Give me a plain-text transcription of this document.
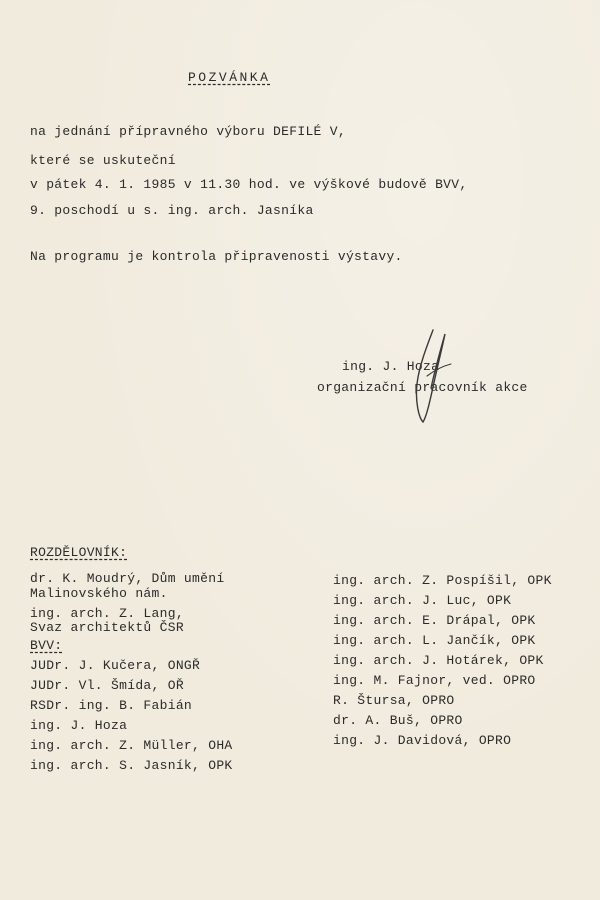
POZVÁNKA
na jednání přípravného výboru DEFILÉ V,
které se uskuteční
v pátek 4. 1. 1985 v 11.30 hod. ve výškové budově BVV,
9. poschodí u s. ing. arch. Jasníka
Na programu je kontrola připravenosti výstavy.
ing. J. Hoza
organizační pracovník akce
ROZDĚLOVNÍK:
dr. K. Moudrý, Dům umění
Malinovského nám.
ing. arch. Z. Lang,
Svaz architektů ČSR
BVV:
JUDr. J. Kučera, ONGŘ
JUDr. Vl. Šmída, OŘ
RSDr. ing. B. Fabián
ing. J. Hoza
ing. arch. Z. Müller, OHA
ing. arch. S. Jasník, OPK
ing. arch. Z. Pospíšil, OPK
ing. arch. J. Luc, OPK
ing. arch. E. Drápal, OPK
ing. arch. L. Jančík, OPK
ing. arch. J. Hotárek, OPK
ing. M. Fajnor, ved. OPRO
R. Štursa, OPRO
dr. A. Buš, OPRO
ing. J. Davidová, OPRO
